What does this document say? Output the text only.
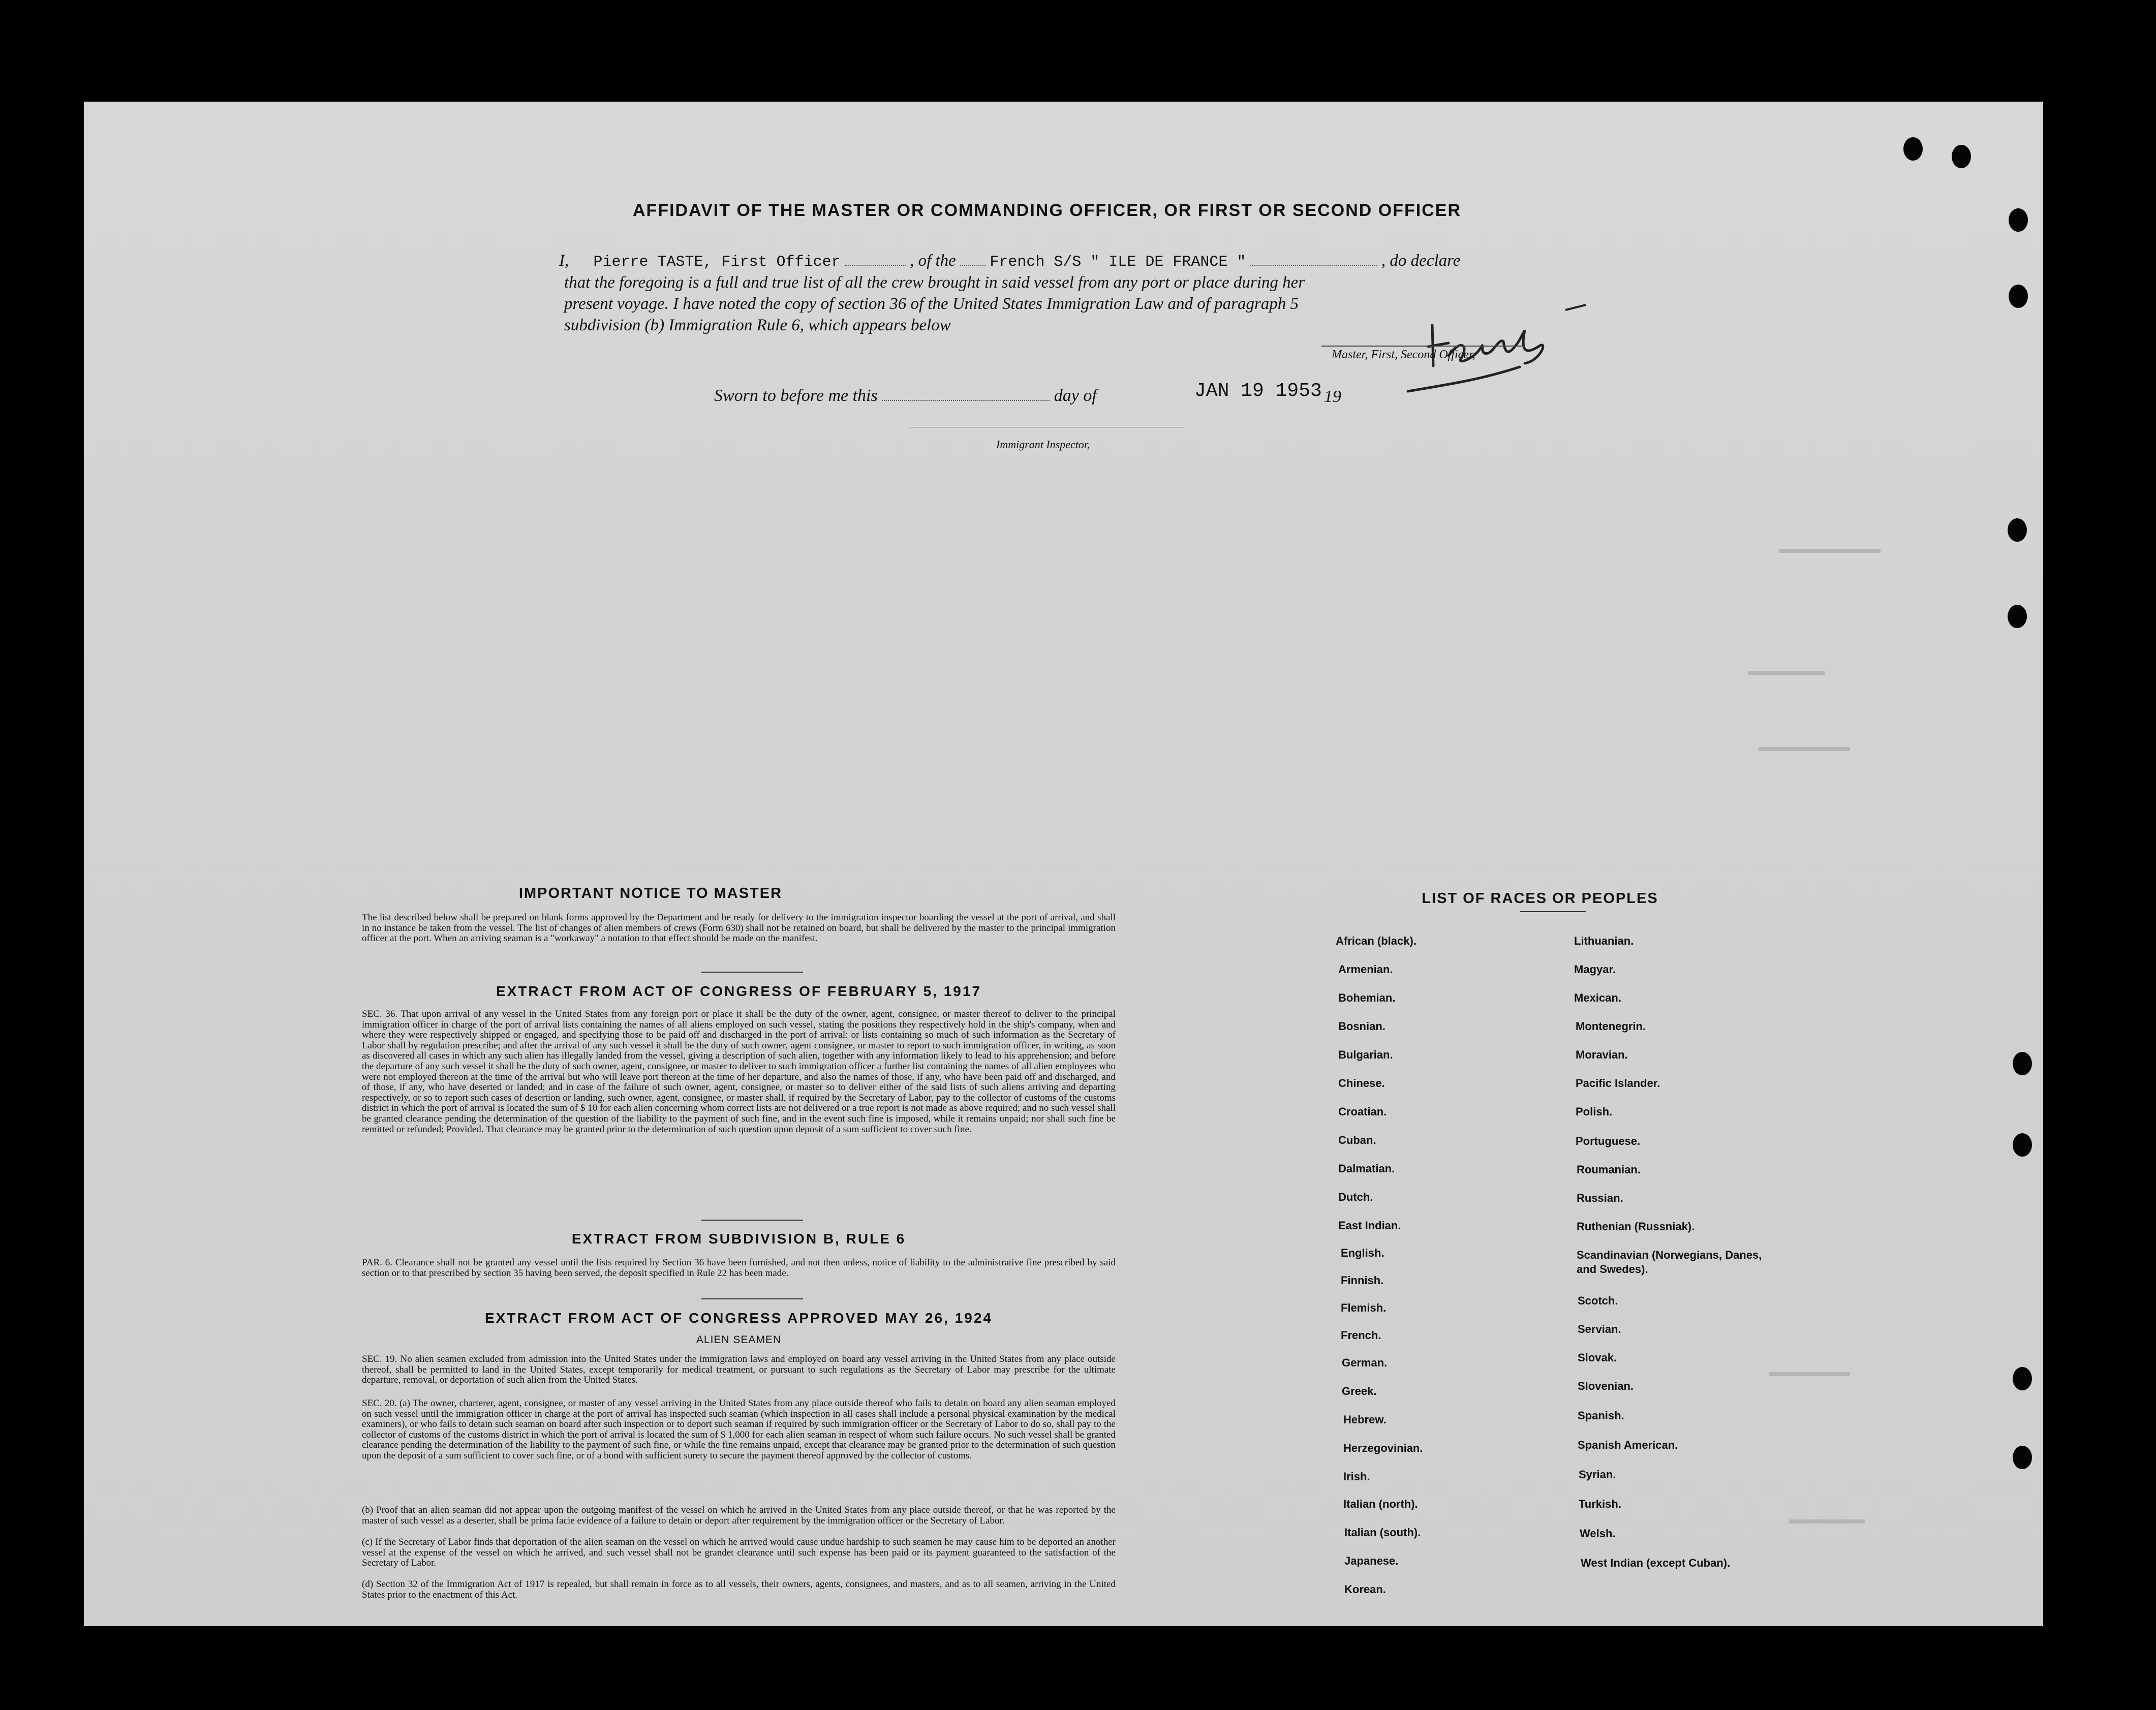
AFFIDAVIT OF THE MASTER OR COMMANDING OFFICER, OR FIRST OR SECOND OFFICER
I, Pierre TASTE, First Officer	, of the French S/S " ILE DE FRANCE "	, do declare
that the foregoing is a full and true list of all the crew brought in said vessel from any port or place during her
present voyage. I have noted the copy of section 36 of the United States Immigration Law and of paragraph 5
subdivision (b) Immigration Rule 6, which appears below
Master, First, Second Officer,
Sworn to before me this	day of	JAN 19 1953 19
Immigrant Inspector,
IMPORTANT NOTICE TO MASTER

The list described below shall be prepared on blank forms approved by the Department and be ready for delivery to the immigration inspector boarding the vessel at the port of arrival, and shall in no instance be taken from the vessel. The list of changes of alien members of crews (Form 630) shall not be retained on board, but shall be delivered by the master to the principal immigration officer at the port. When an arriving seaman is a "workaway" a notation to that effect should be made on the manifest.

EXTRACT FROM ACT OF CONGRESS OF FEBRUARY 5, 1917

SEC. 36. That upon arrival of any vessel in the United States from any foreign port or place it shall be the duty of the owner, agent, consignee, or master thereof to deliver to the principal immigration officer in charge of the port of arrival lists containing the names of all aliens employed on such vessel, stating the positions they respectively hold in the ship's company, when and where they were respectively shipped or engaged, and specifying those to be paid off and discharged in the port of arrival: or lists containing so much of such information as the Secretary of Labor shall by regulation prescribe; and after the arrival of any such vessel it shall be the duty of such owner, agent consignee, or master to report to such immigration officer, in writing, as soon as discovered all cases in which any such alien has illegally landed from the vessel, giving a description of such alien, together with any information likely to lead to his apprehension; and before the departure of any such vessel it shall be the duty of such owner, agent, consignee, or master to deliver to such immigration officer a further list containing the names of all alien employees who were not employed thereon at the time of the arrival but who will leave port thereon at the time of her departure, and also the names of those, if any, who have been paid off and discharged, and of those, if any, who have deserted or landed; and in case of the failure of such owner, agent, consignee, or master so to deliver either of the said lists of such aliens arriving and departing respectively, or so to report such cases of desertion or landing, such owner, agent, consignee, or master shall, if required by the Secretary of Labor, pay to the collector of customs of the customs district in which the port of arrival is located the sum of $ 10 for each alien concerning whom correct lists are not delivered or a true report is not made as above required; and no such vessel shall be granted clearance pending the determination of the question of the liability to the payment of such fine, and in the event such fine is imposed, while it remains unpaid; nor shall such fine be remitted or refunded; Provided. That clearance may be granted prior to the determination of such question upon deposit of a sum sufficient to cover such fine.

EXTRACT FROM SUBDIVISION B, RULE 6

PAR. 6. Clearance shall not be granted any vessel until the lists required by Section 36 have been furnished, and not then unless, notice of liability to the administrative fine prescribed by said section or to that prescribed by section 35 having been served, the deposit specified in Rule 22 has been made.

EXTRACT FROM ACT OF CONGRESS APPROVED MAY 26, 1924
ALIEN SEAMEN

SEC. 19. No alien seamen excluded from admission into the United States under the immigration laws and employed on board any vessel arriving in the United States from any place outside thereof, shall be permitted to land in the United States, except temporarily for medical treatment, or pursuant to such regulations as the Secretary of Labor may prescribe for the ultimate departure, removal, or deportation of such alien from the United States.

SEC. 20. (a) The owner, charterer, agent, consignee, or master of any vessel arriving in the United States from any place outside thereof who fails to detain on board any alien seaman employed on such vessel until the immigration officer in charge at the port of arrival has inspected such seaman (which inspection in all cases shall include a personal physical examination by the medical examiners), or who fails to detain such seaman on board after such inspection or to deport such seaman if required by such immigration officer or the Secretary of Labor to do so, shall pay to the collector of customs of the customs district in which the port of arrival is located the sum of $ 1,000 for each alien seaman in respect of whom such failure occurs. No such vessel shall be granted clearance pending the determination of the liability to the payment of such fine, or while the fine remains unpaid, except that clearance may be granted prior to the determination of such question upon the deposit of a sum sufficient to cover such fine, or of a bond with sufficient surety to secure the payment thereof approved by the collector of customs.

(b) Proof that an alien seaman did not appear upon the outgoing manifest of the vessel on which he arrived in the United States from any place outside thereof, or that he was reported by the master of such vessel as a deserter, shall be prima facie evidence of a failure to detain or deport after requirement by the immigration officer or the Secretary of Labor.

(c) If the Secretary of Labor finds that deportation of the alien seaman on the vessel on which he arrived would cause undue hardship to such seamen he may cause him to be deported an another vessel at the expense of the vessel on which he arrived, and such vessel shall not be grandet clearance until such expense has been paid or its payment guaranteed to the satisfaction of the Secretary of Labor.

(d) Section 32 of the Immigration Act of 1917 is repealed, but shall remain in force as to all vessels, their owners, agents, consignees, and masters, and as to all seamen, arriving in the United States prior to the enactment of this Act.

LIST OF RACES OR PEOPLES
African (black).
Armenian.
Bohemian.
Bosnian.
Bulgarian.
Chinese.
Croatian.
Cuban.
Dalmatian.
Dutch.
East Indian.
English.
Finnish.
Flemish.
French.
German.
Greek.
Hebrew.
Herzegovinian.
Irish.
Italian (north).
Italian (south).
Japanese.
Korean.
Lithuanian.
Magyar.
Mexican.
Montenegrin.
Moravian.
Pacific Islander.
Polish.
Portuguese.
Roumanian.
Russian.
Ruthenian (Russniak).
Scandinavian (Norwegians, Danes, and Swedes).
Scotch.
Servian.
Slovak.
Slovenian.
Spanish.
Spanish American.
Syrian.
Turkish.
Welsh.
West Indian (except Cuban).
